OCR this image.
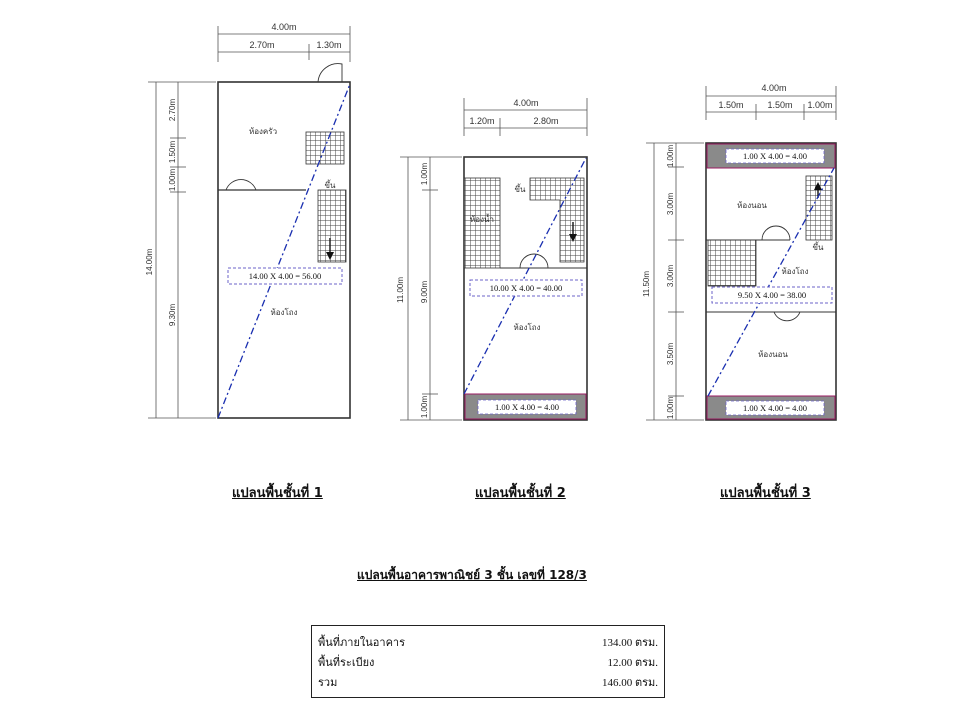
4.00m
2.70m	1.30m
14.00m
2.70m
1.50m
1.00m
9.30m
ห้องครัว
ขึ้น
ห้องโถง
14.00 X 4.00 = 56.00
4.00m
1.20m	2.80m
11.00m
1.00m
9.00m
1.00m	1.00 X 4.00 = 4.00
ขึ้น
ห้องน้ำ
ห้องโถง
10.00 X 4.00 = 40.00
4.00m
1.50m	1.50m 1.00m
11.50m
1.00m
3.00m
3.00m
3.50m
1.00m
1.00 X 4.00 = 4.00
1.00 X 4.00 = 4.00
ห้องนอน
ขึ้น
ห้องโถง
ห้องนอน
9.50 X 4.00 = 38.00
แปลนพื้นชั้นที่ 1	แปลนพื้นชั้นที่ 2	แปลนพื้นชั้นที่ 3
แปลนพื้นอาคารพาณิชย์ 3 ชั้น เลขที่ 128/3
พื้นที่ภายในอาคาร	134.00 ตรม.
พื้นที่ระเบียง	12.00 ตรม.
รวม	146.00 ตรม.
